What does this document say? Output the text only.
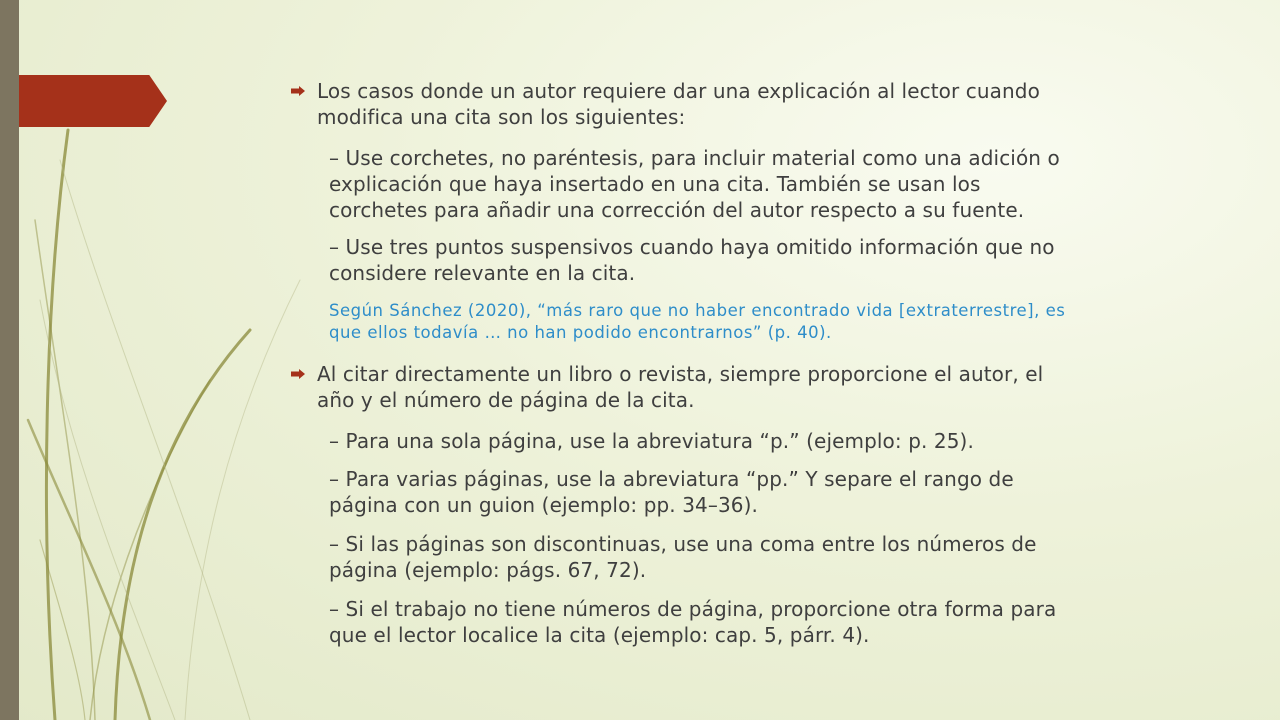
Los casos donde un autor requiere dar una explicación al lector cuando
modifica una cita son los siguientes:
– Use corchetes, no paréntesis, para incluir material como una adición o
explicación que haya insertado en una cita. También se usan los
corchetes para añadir una corrección del autor respecto a su fuente.
– Use tres puntos suspensivos cuando haya omitido información que no
considere relevante en la cita.
Según Sánchez (2020), “más raro que no haber encontrado vida [extraterrestre], es
que ellos todavía … no han podido encontrarnos” (p. 40).
Al citar directamente un libro o revista, siempre proporcione el autor, el
año y el número de página de la cita.
– Para una sola página, use la abreviatura “p.” (ejemplo: p. 25).
– Para varias páginas, use la abreviatura “pp.” Y separe el rango de
página con un guion (ejemplo: pp. 34–36).
– Si las páginas son discontinuas, use una coma entre los números de
página (ejemplo: págs. 67, 72).
– Si el trabajo no tiene números de página, proporcione otra forma para
que el lector localice la cita (ejemplo: cap. 5, párr. 4).
